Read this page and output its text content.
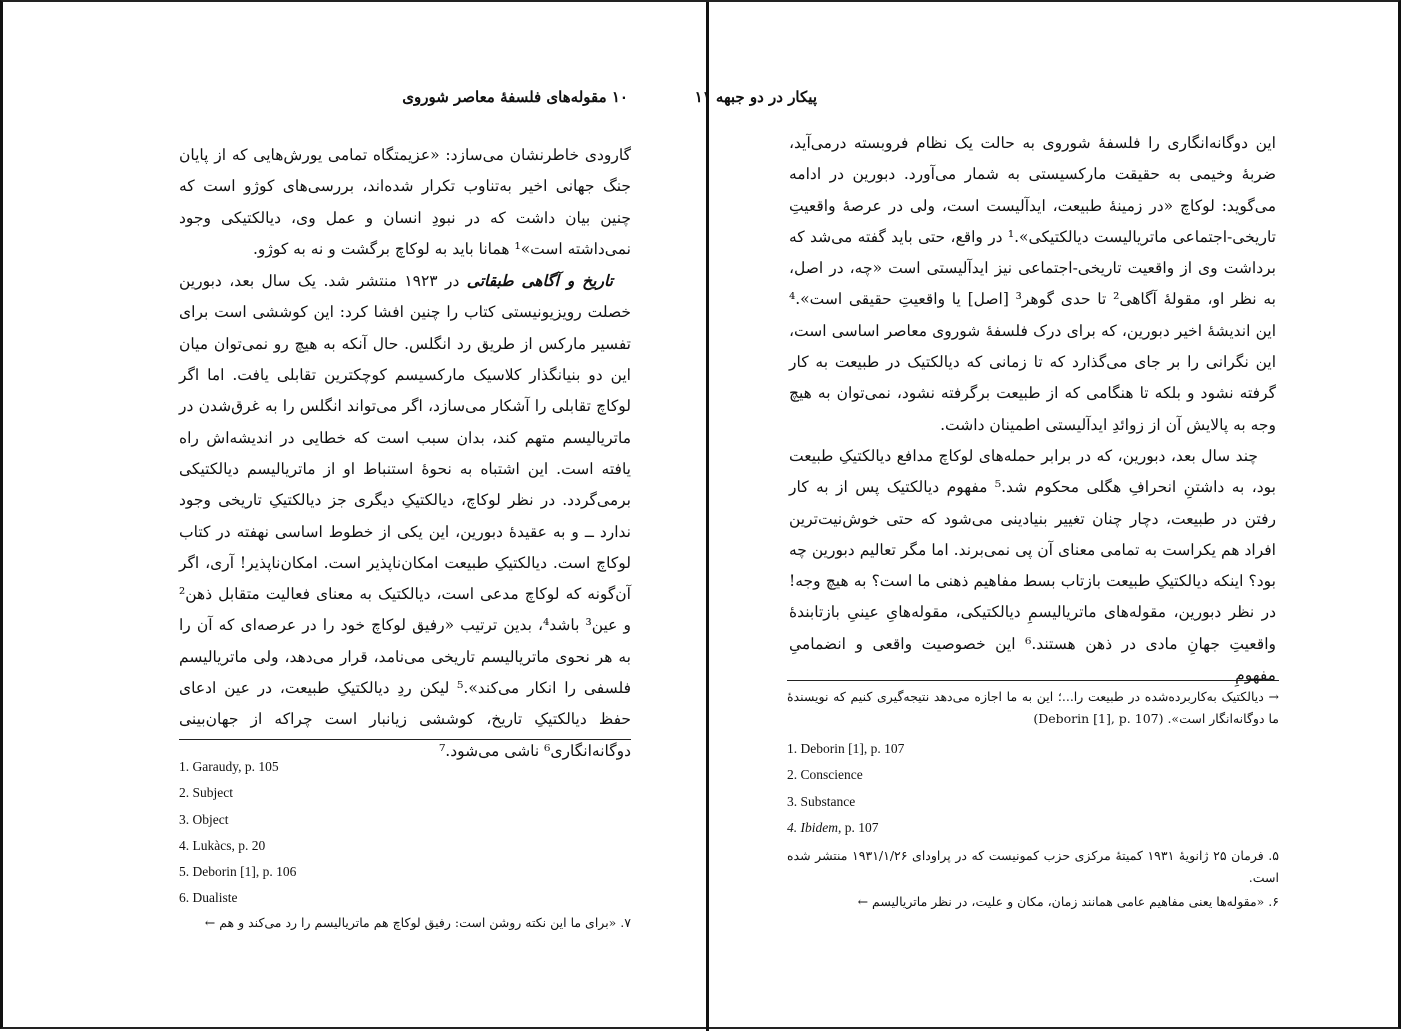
۱۰ مقوله‌های فلسفهٔ معاصر شوروی

گارودی خاطرنشان می‌سازد: «عزیمتگاه تمامی یورش‌هایی که از پایان جنگ جهانی اخیر به‌تناوب تکرار شده‌اند، بررسی‌های کوژو است که چنین بیان داشت که در نبودِ انسان و عمل وی، دیالکتیکی وجود نمی‌داشته است»¹ همانا باید به لوکاچ برگشت و نه به کوژو.

تاریخ و آگاهی طبقاتی در ۱۹۲۳ منتشر شد. یک سال بعد، دبورین خصلت رویزیونیستی کتاب را چنین افشا کرد: این کوششی است برای تفسیر مارکس از طریق رد انگلس. حال آنکه به هیچ رو نمی‌توان میان این دو بنیانگذار کلاسیک مارکسیسم کوچکترین تقابلی یافت. اما اگر لوکاچ تقابلی را آشکار می‌سازد، اگر می‌تواند انگلس را به غرق‌شدن در ماتریالیسم متهم کند، بدان سبب است که خطایی در اندیشه‌اش راه یافته است. این اشتباه به نحوهٔ استنباط او از ماتریالیسم دیالکتیکی برمی‌گردد. در نظر لوکاچ، دیالکتیکِ دیگری جز دیالکتیکِ تاریخی وجود ندارد ــ و به عقیدهٔ دبورین، این یکی از خطوط اساسی نهفته در کتاب لوکاچ است. دیالکتیکِ طبیعت امکان‌ناپذیر است. امکان‌ناپذیر! آری، اگر آن‌گونه که لوکاچ مدعی است، دیالکتیک به معنای فعالیت متقابل ذهن² و عین³ باشد⁴، بدین ترتیب «رفیق لوکاچ خود را در عرصه‌ای که آن را به هر نحوی ماتریالیسم تاریخی می‌نامد، قرار می‌دهد، ولی ماتریالیسم فلسفی را انکار می‌کند».⁵ لیکن ردِ دیالکتیکِ طبیعت، در عین ادعای حفظ دیالکتیکِ تاریخ، کوششی زیانبار است چراکه از جهان‌بینی دوگانه‌انگاری⁶ ناشی می‌شود.⁷

1. Garaudy, p. 105
2. Subject
3. Object
4. Lukàcs, p. 20
5. Deborin [1], p. 106
6. Dualiste
۷. «برای ما این نکته روشن است: رفیق لوکاچ هم ماتریالیسم را رد می‌کند و هم ←
پیکار در دو جبهه ۱۱

این دوگانه‌انگاری را فلسفهٔ شوروی به حالت یک نظام فروبسته درمی‌آید، ضربهٔ وخیمی به حقیقت مارکسیستی به شمار می‌آورد. دبورین در ادامه می‌گوید: لوکاچ «در زمینهٔ طبیعت، ایدآلیست است، ولی در عرصهٔ واقعیتِ تاریخی-اجتماعی ماتریالیست دیالکتیکی».¹ در واقع، حتی باید گفته می‌شد که برداشت وی از واقعیت تاریخی-اجتماعی نیز ایدآلیستی است «چه، در اصل، به نظر او، مقولهٔ آگاهی² تا حدی گوهر³ [اصل] یا واقعیتِ حقیقی است».⁴ این اندیشهٔ اخیر دبورین، که برای درک فلسفهٔ شوروی معاصر اساسی است، این نگرانی را بر جای می‌گذارد که تا زمانی که دیالکتیک در طبیعت به کار گرفته نشود و بلکه تا هنگامی که از طبیعت برگرفته نشود، نمی‌توان به هیچ وجه به پالایش آن از زوائدِ ایدآلیستی اطمینان داشت.

چند سال بعد، دبورین، که در برابر حمله‌های لوکاچ مدافع دیالکتیکِ طبیعت بود، به داشتنِ انحرافِ هگلی محکوم شد.⁵ مفهوم دیالکتیک پس از به کار رفتن در طبیعت، دچار چنان تغییر بنیادینی می‌شود که حتی خوش‌نیت‌ترین افراد هم یکراست به تمامی معنای آن پی نمی‌برند. اما مگر تعالیم دبورین چه بود؟ اینکه دیالکتیکِ طبیعت بازتاب بسط مفاهیم ذهنی ما است؟ به هیچ وجه! در نظر دبورین، مقوله‌های ماتریالیسمِ دیالکتیکی، مقوله‌هایِ عینیِ بازتابندهٔ واقعیتِ جهانِ مادی در ذهن هستند.⁶ این خصوصیت واقعی و انضمامیِ مفهومِ

→ دیالکتیک به‌کاربرده‌شده در طبیعت را...؛ این به ما اجازه می‌دهد نتیجه‌گیری کنیم که نویسندهٔ ما دوگانه‌انگار است». (Deborin [1], p. 107)
1. Deborin [1], p. 107
2. Conscience
3. Substance
4. Ibidem, p. 107
۵. فرمان ۲۵ ژانویهٔ ۱۹۳۱ کمیتهٔ مرکزی حزب کمونیست که در پراودای ۱۹۳۱/۱/۲۶ منتشر شده است.
۶. «مقوله‌ها یعنی مفاهیم عامی همانند زمان، مکان و علیت، در نظر ماتریالیسم ←
